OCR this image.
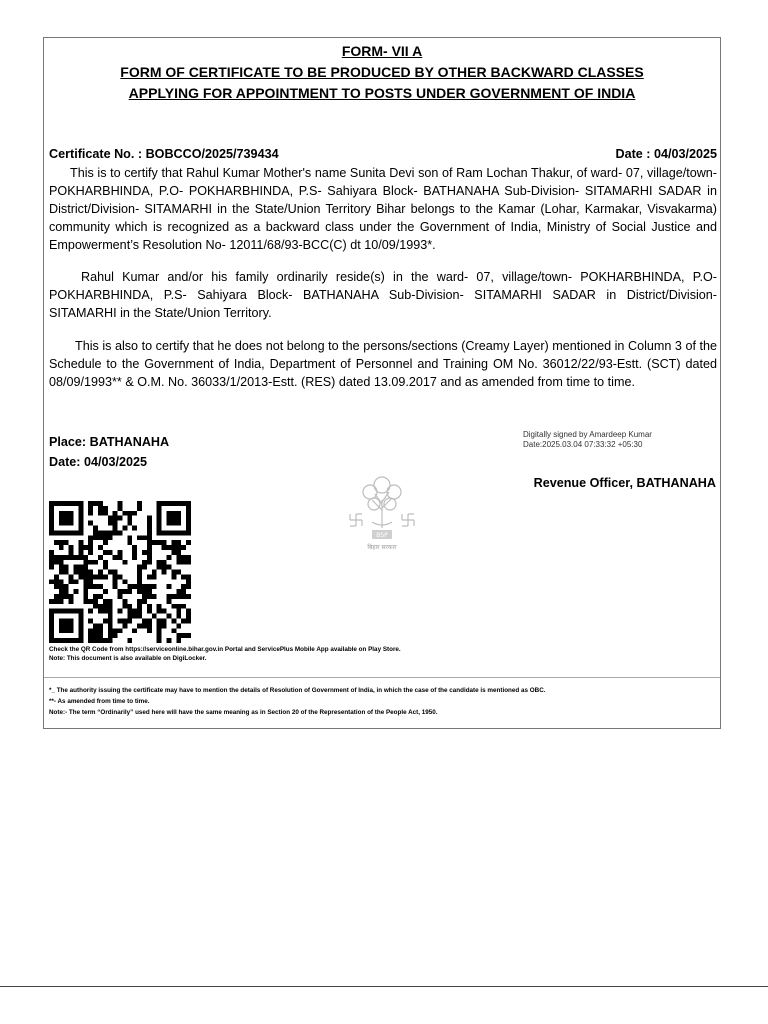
FORM- VII A
FORM OF CERTIFICATE TO BE PRODUCED BY OTHER BACKWARD CLASSES
APPLYING FOR APPOINTMENT TO POSTS UNDER GOVERNMENT OF INDIA
Certificate No. : BOBCCO/2025/739434	Date : 04/03/2025
This is to certify that Rahul Kumar Mother's name Sunita Devi son of Ram Lochan Thakur, of ward- 07, village/town- POKHARBHINDA, P.O- POKHARBHINDA, P.S- Sahiyara Block- BATHANAHA Sub-Division- SITAMARHI SADAR in District/Division- SITAMARHI in the State/Union Territory Bihar belongs to the Kamar (Lohar, Karmakar, Visvakarma) community which is recognized as a backward class under the Government of India, Ministry of Social Justice and Empowerment’s Resolution No- 12011/68/93-BCC(C) dt 10/09/1993*.
Rahul Kumar and/or his family ordinarily reside(s) in the ward- 07, village/town- POKHARBHINDA, P.O- POKHARBHINDA, P.S- Sahiyara Block- BATHANAHA Sub-Division- SITAMARHI SADAR in District/Division- SITAMARHI in the State/Union Territory.
This is also to certify that he does not belong to the persons/sections (Creamy Layer) mentioned in Column 3 of the Schedule to the Government of India, Department of Personnel and Training OM No. 36012/22/93-Estt. (SCT) dated 08/09/1993** & O.M. No. 36033/1/2013-Estt. (RES) dated 13.09.2017 and as amended from time to time.
Place: BATHANAHA
Date: 04/03/2025
Digitally signed by Amardeep Kumar
Date:2025.03.04 07:33:32 +05:30
Revenue Officer, BATHANAHA
BSP
बिहार सरकार
Check the QR Code from https://serviceonline.bihar.gov.in Portal and ServicePlus Mobile App available on Play Store.
Note: This document is also available on DigiLocker.
*_ The authority issuing the certificate may have to mention the details of Resolution of Government of India, in which the case of the candidate is mentioned as OBC.
**- As amended from time to time.
Note:- The term “Ordinarily” used here will have the same meaning as in Section 20 of the Representation of the People Act, 1950.
